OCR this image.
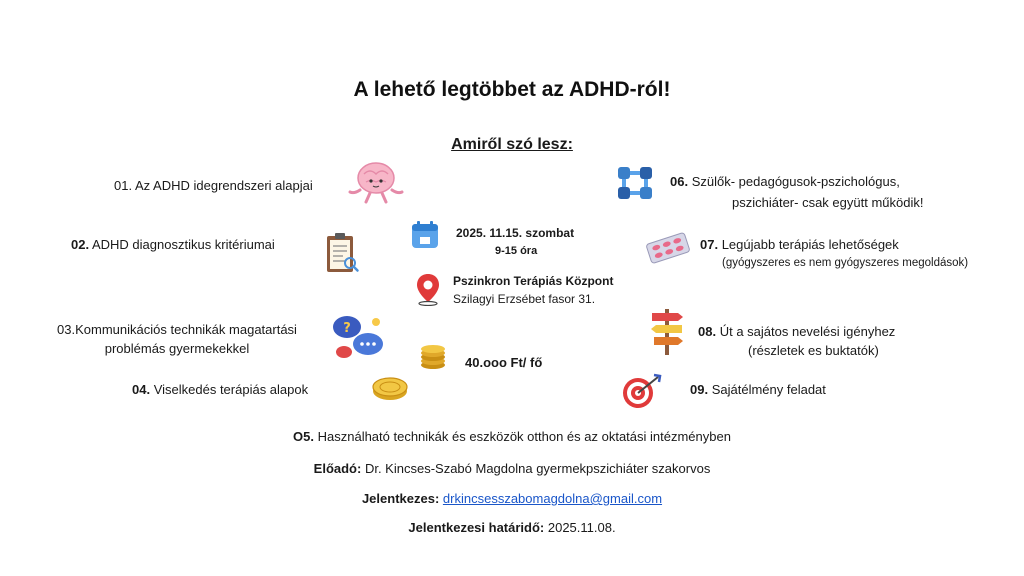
A lehető legtöbbet az ADHD-ról!
Amiről szó lesz:
01. Az ADHD idegrendszeri alapjai
02. ADHD diagnosztikus kritériumai
03.Kommunikációs technikák magatartási
problémás gyermekekkel
04. Viselkedés terápiás alapok
06. Szülők- pedagógusok-pszichológus,
pszichiáter- csak együtt működik!
07. Legújabb terápiás lehetőségek
(gyógyszeres es nem gyógyszeres megoldások)
08. Út a sajátos nevelési igényhez
(részletek es buktatók)
09. Sajátélmény feladat
2025. 11.15. szombat
9-15 óra
Pszinkron Terápiás Központ
Szilagyi Erzsébet fasor 31.
40.ooo Ft/ fő
O5. Használható technikák és eszközök otthon és az oktatási intézményben
Előadó: Dr. Kincses-Szabó Magdolna gyermekpszichiáter szakorvos
Jelentkezes: drkincsesszabomagdolna@gmail.com
Jelentkezesi határidő: 2025.11.08.
?
